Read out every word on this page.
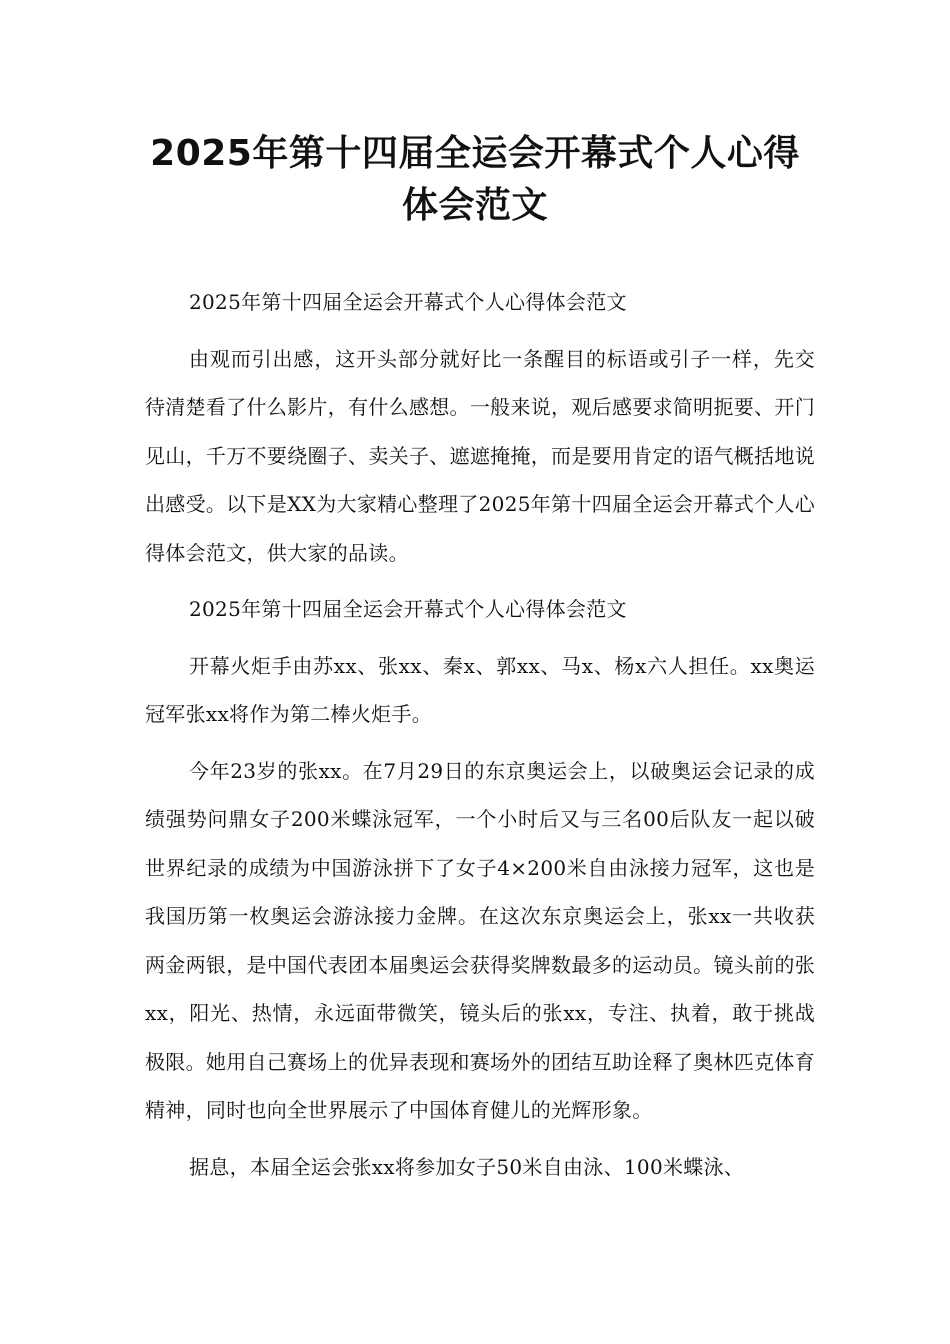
2025年第十四届全运会开幕式个人心得
体会范文

2025年第十四届全运会开幕式个人心得体会范文

由观而引出感，这开头部分就好比一条醒目的标语或引子一样，先交待清楚看了什么影片，有什么感想。一般来说，观后感要求简明扼要、开门见山，千万不要绕圈子、卖关子、遮遮掩掩，而是要用肯定的语气概括地说出感受。以下是XX为大家精心整理了2025年第十四届全运会开幕式个人心得体会范文，供大家的品读。

2025年第十四届全运会开幕式个人心得体会范文

开幕火炬手由苏xx、张xx、秦x、郭xx、马x、杨x六人担任。xx奥运冠军张xx将作为第二棒火炬手。

今年23岁的张xx。在7月29日的东京奥运会上，以破奥运会记录的成绩强势问鼎女子200米蝶泳冠军，一个小时后又与三名00后队友一起以破世界纪录的成绩为中国游泳拼下了女子4×200米自由泳接力冠军，这也是我国历第一枚奥运会游泳接力金牌。在这次东京奥运会上，张xx一共收获两金两银，是中国代表团本届奥运会获得奖牌数最多的运动员。镜头前的张xx，阳光、热情，永远面带微笑，镜头后的张xx，专注、执着，敢于挑战极限。她用自己赛场上的优异表现和赛场外的团结互助诠释了奥林匹克体育精神，同时也向全世界展示了中国体育健儿的光辉形象。

据息，本届全运会张xx将参加女子50米自由泳、100米蝶泳、
